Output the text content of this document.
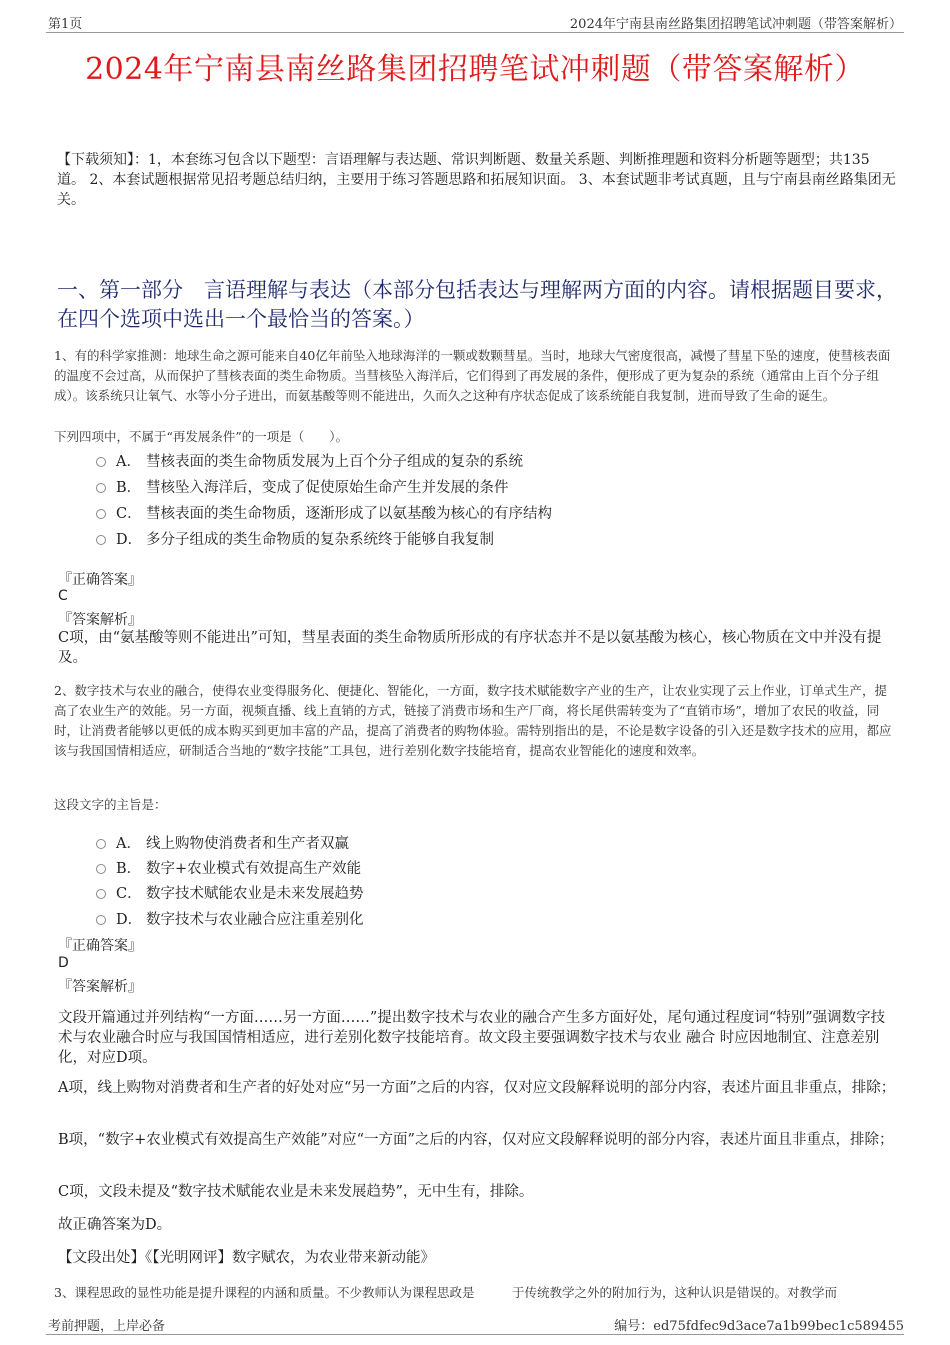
第1页	2024年宁南县南丝路集团招聘笔试冲刺题（带答案解析）
2024年宁南县南丝路集团招聘笔试冲刺题（带答案解析）
【下载须知】：1，本套练习包含以下题型：言语理解与表达题、常识判断题、数量关系题、判断推理题和资料分析题等题型；共135道。 2、本套试题根据常见招考题总结归纳，主要用于练习答题思路和拓展知识面。 3、本套试题非考试真题，且与宁南县南丝路集团无关。
一、第一部分　言语理解与表达（本部分包括表达与理解两方面的内容。请根据题目要求，在四个选项中选出一个最恰当的答案。）
1、有的科学家推测：地球生命之源可能来自40亿年前坠入地球海洋的一颗或数颗彗星。当时，地球大气密度很高，减慢了彗星下坠的速度，使彗核表面的温度不会过高，从而保护了彗核表面的类生命物质。当彗核坠入海洋后，它们得到了再发展的条件，便形成了更为复杂的系统（通常由上百个分子组成）。该系统只让氧气、水等小分子进出，而氨基酸等则不能进出，久而久之这种有序状态促成了该系统能自我复制，进而导致了生命的诞生。
下列四项中，不属于“再发展条件”的一项是（　　）。
A． 彗核表面的类生命物质发展为上百个分子组成的复杂的系统
B． 彗核坠入海洋后，变成了促使原始生命产生并发展的条件
C． 彗核表面的类生命物质，逐渐形成了以氨基酸为核心的有序结构
D． 多分子组成的类生命物质的复杂系统终于能够自我复制
『正确答案』
C
『答案解析』
C项，由“氨基酸等则不能进出”可知，彗星表面的类生命物质所形成的有序状态并不是以氨基酸为核心，核心物质在文中并没有提及。
2、数字技术与农业的融合，使得农业变得服务化、便捷化、智能化，一方面，数字技术赋能数字产业的生产，让农业实现了云上作业，订单式生产，提高了农业生产的效能。另一方面，视频直播、线上直销的方式，链接了消费市场和生产厂商，将长尾供需转变为了“直销市场”，增加了农民的收益，同时，让消费者能够以更低的成本购买到更加丰富的产品，提高了消费者的购物体验。需特别指出的是，不论是数字设备的引入还是数字技术的应用，都应该与我国国情相适应，研制适合当地的“数字技能”工具包，进行差别化数字技能培育，提高农业智能化的速度和效率。
这段文字的主旨是：
A． 线上购物使消费者和生产者双赢
B． 数字+农业模式有效提高生产效能
C． 数字技术赋能农业是未来发展趋势
D． 数字技术与农业融合应注重差别化
『正确答案』
D
『答案解析』
文段开篇通过并列结构“一方面……另一方面……”提出数字技术与农业的融合产生多方面好处，尾句通过程度词“特别”强调数字技术与农业融合时应与我国国情相适应，进行差别化数字技能培育。故文段主要强调数字技术与农业 融合 时应因地制宜、注意差别化，对应D项。
A项，线上购物对消费者和生产者的好处对应“另一方面”之后的内容，仅对应文段解释说明的部分内容，表述片面且非重点，排除；
B项，“数字+农业模式有效提高生产效能”对应“一方面”之后的内容，仅对应文段解释说明的部分内容，表述片面且非重点，排除；
C项，文段未提及“数字技术赋能农业是未来发展趋势”，无中生有，排除。
故正确答案为D。
【文段出处】《【光明网评】数字赋农，为农业带来新动能》
3、课程思政的显性功能是提升课程的内涵和质量。不少教师认为课程思政是　　　于传统教学之外的附加行为，这种认识是错误的。对教学而
考前押题，上岸必备	编号：ed75fdfec9d3ace7a1b99bec1c589455
